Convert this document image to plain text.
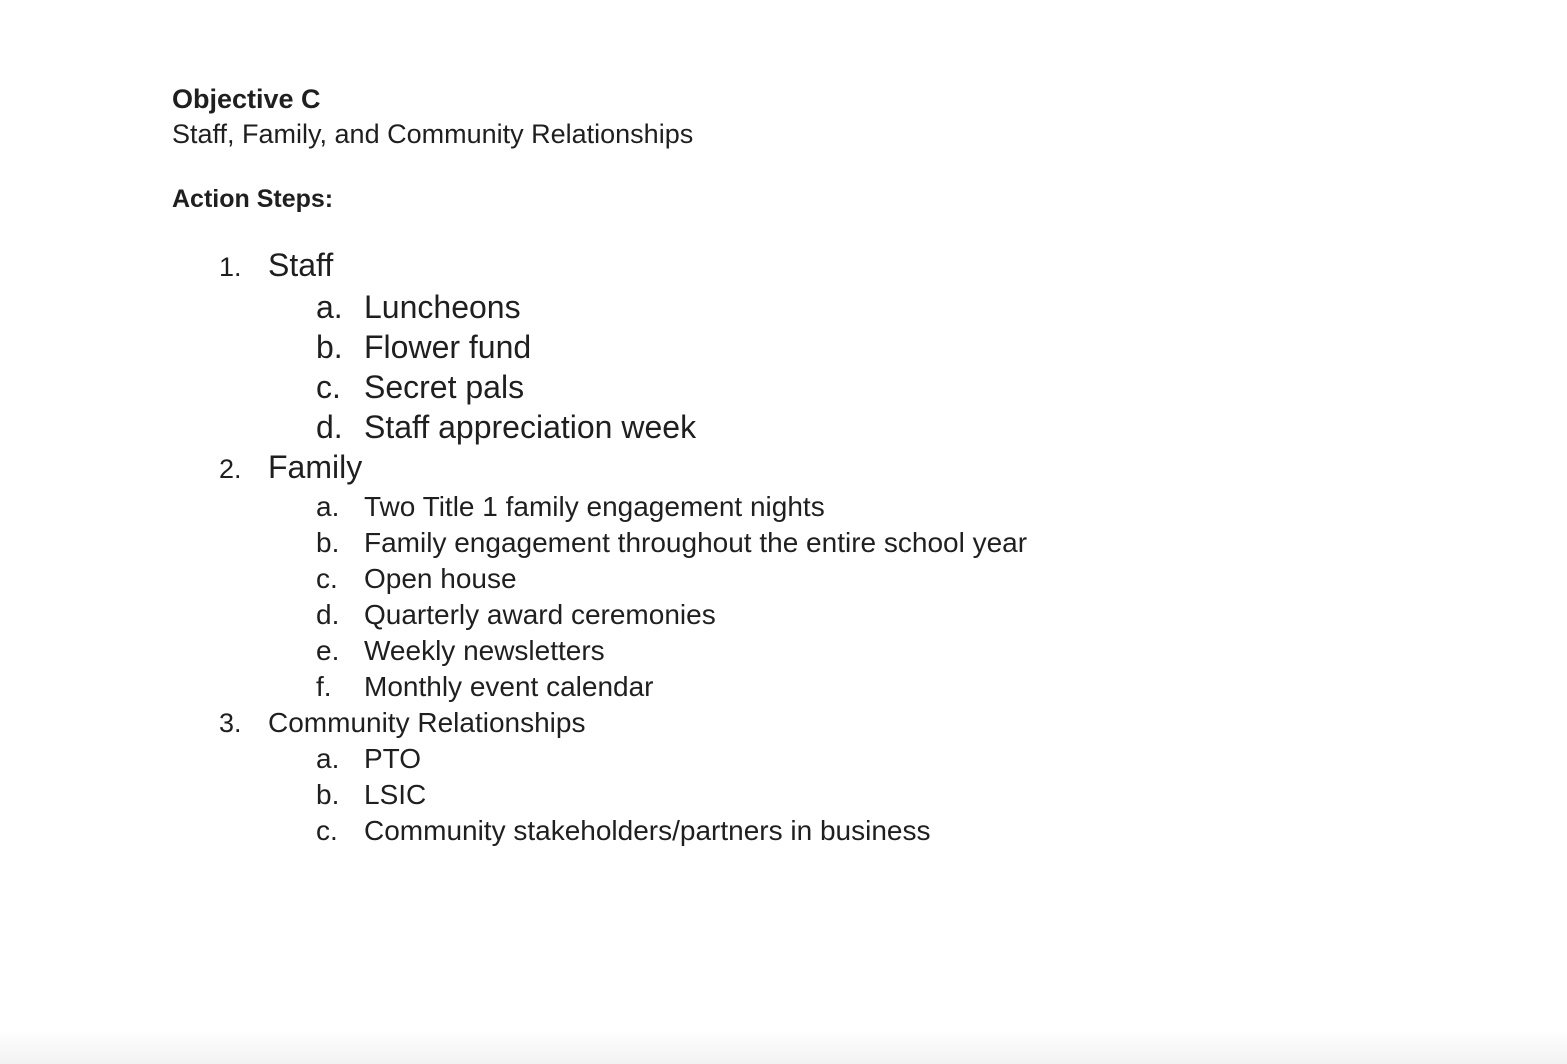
Objective C

Staff, Family, and Community Relationships

Action Steps:

1. Staff
a. Luncheons
b. Flower fund
c. Secret pals
d. Staff appreciation week
2. Family
a. Two Title 1 family engagement nights
b. Family engagement throughout the entire school year
c. Open house
d. Quarterly award ceremonies
e. Weekly newsletters
f.	Monthly event calendar
3. Community Relationships
a. PTO
b. LSIC
c. Community stakeholders/partners in business
